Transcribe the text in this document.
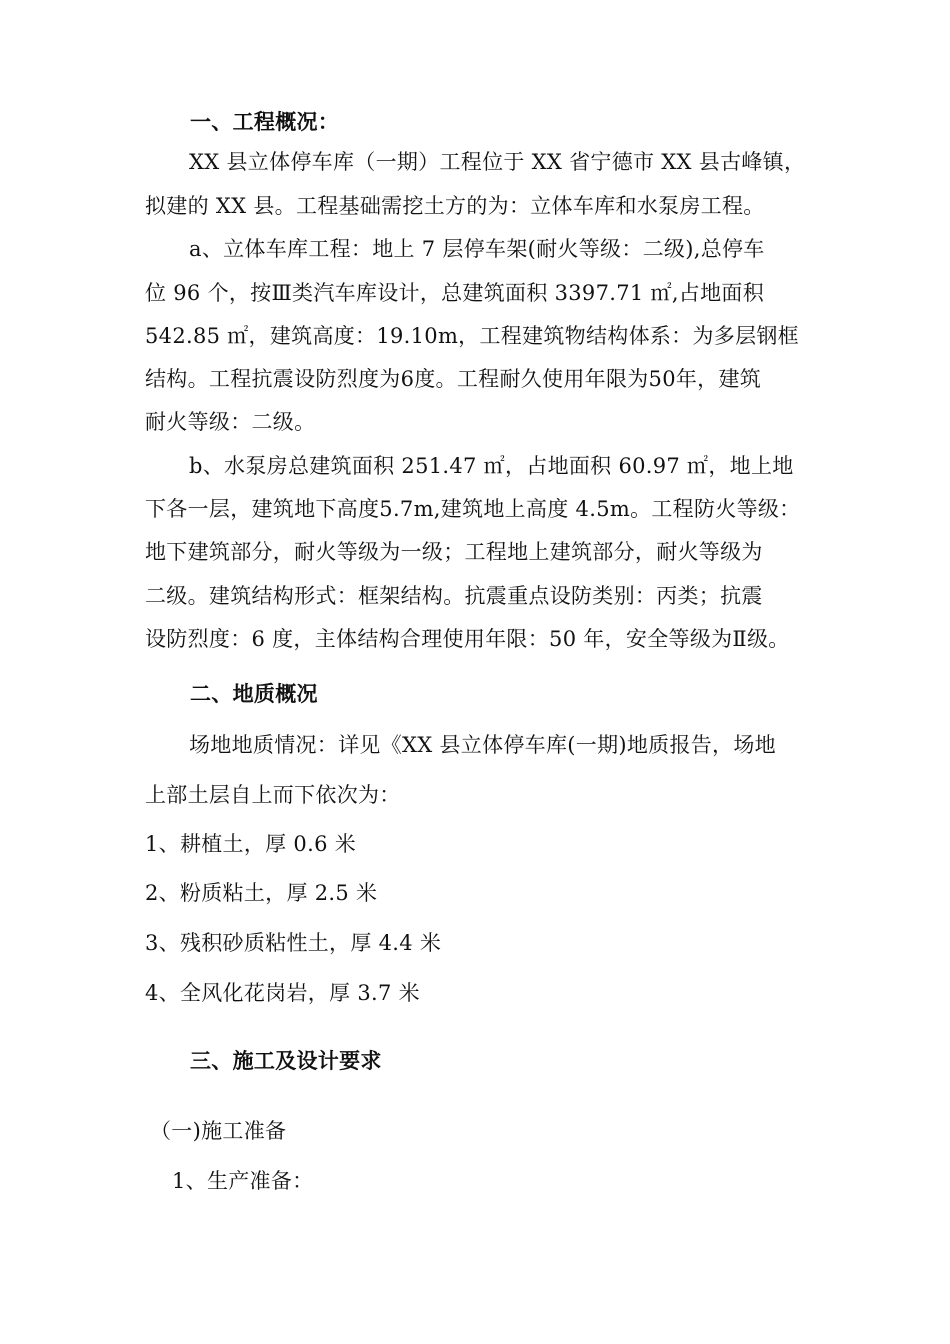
一、工程概况：
XX 县立体停车库（一期）工程位于 XX 省宁德市 XX 县古峰镇，
拟建的 XX 县。工程基础需挖土方的为：立体车库和水泵房工程。
a、立体车库工程：地上 7 层停车架(耐火等级：二级),总停车
位 96 个，按Ⅲ类汽车库设计，总建筑面积 3397.71 ㎡,占地面积
542.85 ㎡，建筑高度：19.10m，工程建筑物结构体系：为多层钢框
结构。工程抗震设防烈度为6度。工程耐久使用年限为50年，建筑
耐火等级：二级。
b、水泵房总建筑面积 251.47 ㎡，占地面积 60.97 ㎡，地上地
下各一层，建筑地下高度5.7m,建筑地上高度 4.5m。工程防火等级：
地下建筑部分，耐火等级为一级；工程地上建筑部分，耐火等级为
二级。建筑结构形式：框架结构。抗震重点设防类别：丙类；抗震
设防烈度：6 度，主体结构合理使用年限：50 年，安全等级为Ⅱ级。
二、地质概况
场地地质情况：详见《XX 县立体停车库(一期)地质报告，场地
上部土层自上而下依次为：
1、耕植土，厚 0.6 米
2、粉质粘土，厚 2.5 米
3、残积砂质粘性土，厚 4.4 米
4、全风化花岗岩，厚 3.7 米
三、施工及设计要求
（一)施工准备
1、生产准备：
